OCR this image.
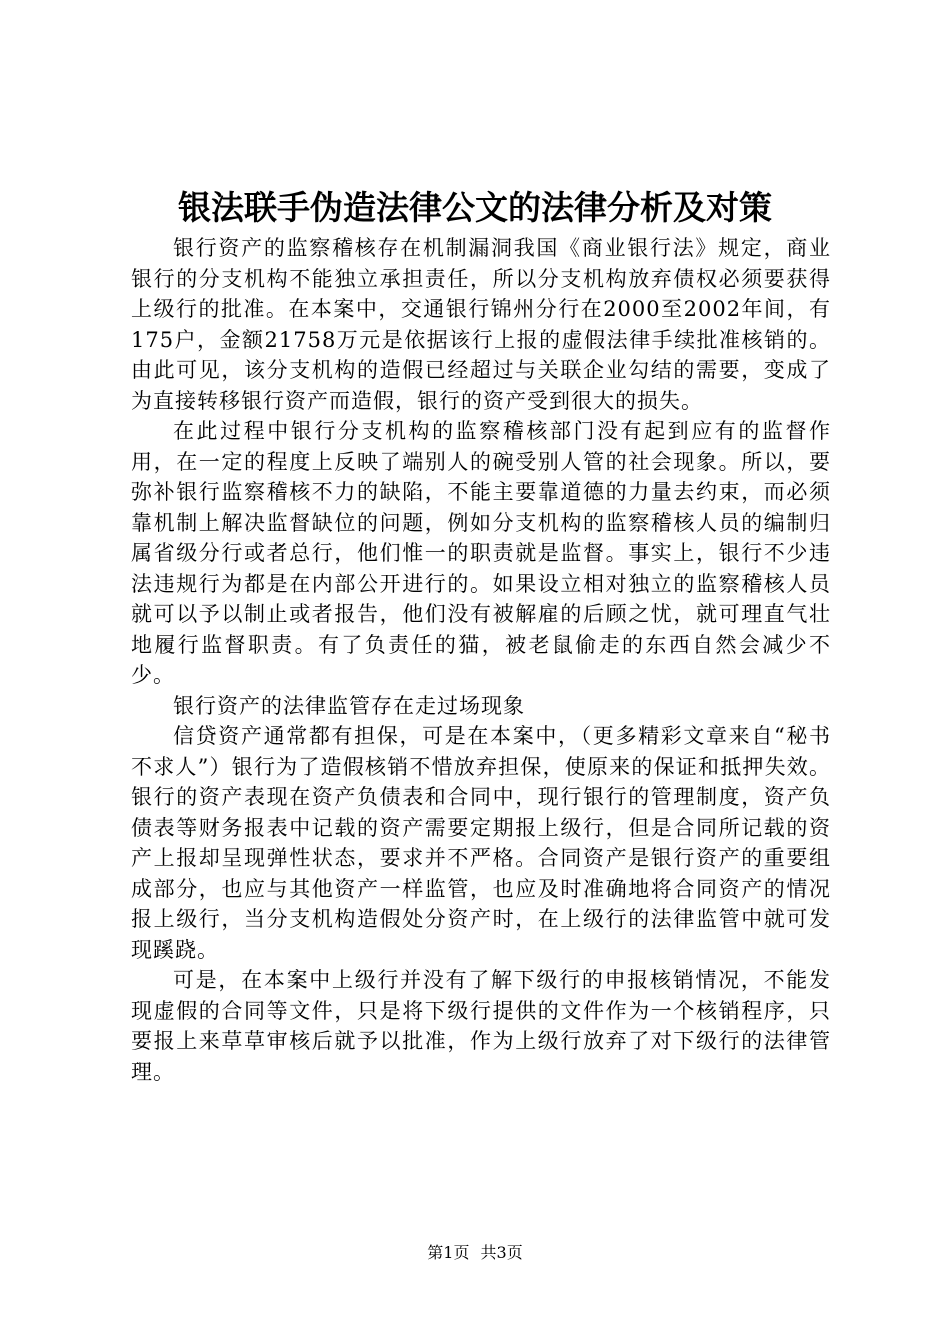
银法联手伪造法律公文的法律分析及对策

银行资产的监察稽核存在机制漏洞我国《商业银行法》规定，商业银行的分支机构不能独立承担责任，所以分支机构放弃债权必须要获得上级行的批准。在本案中，交通银行锦州分行在2000至2002年间，有175户，金额21758万元是依据该行上报的虚假法律手续批准核销的。由此可见，该分支机构的造假已经超过与关联企业勾结的需要，变成了为直接转移银行资产而造假，银行的资产受到很大的损失。

在此过程中银行分支机构的监察稽核部门没有起到应有的监督作用，在一定的程度上反映了端别人的碗受别人管的社会现象。所以，要弥补银行监察稽核不力的缺陷，不能主要靠道德的力量去约束，而必须靠机制上解决监督缺位的问题，例如分支机构的监察稽核人员的编制归属省级分行或者总行，他们惟一的职责就是监督。事实上，银行不少违法违规行为都是在内部公开进行的。如果设立相对独立的监察稽核人员就可以予以制止或者报告，他们没有被解雇的后顾之忧，就可理直气壮地履行监督职责。有了负责任的猫，被老鼠偷走的东西自然会减少不少。

银行资产的法律监管存在走过场现象

信贷资产通常都有担保，可是在本案中，（更多精彩文章来自“秘书不求人”）银行为了造假核销不惜放弃担保，使原来的保证和抵押失效。银行的资产表现在资产负债表和合同中，现行银行的管理制度，资产负债表等财务报表中记载的资产需要定期报上级行，但是合同所记载的资产上报却呈现弹性状态，要求并不严格。合同资产是银行资产的重要组成部分，也应与其他资产一样监管，也应及时准确地将合同资产的情况报上级行，当分支机构造假处分资产时，在上级行的法律监管中就可发现蹊跷。

可是，在本案中上级行并没有了解下级行的申报核销情况，不能发现虚假的合同等文件，只是将下级行提供的文件作为一个核销程序，只要报上来草草审核后就予以批准，作为上级行放弃了对下级行的法律管理。

第1页 共3页
